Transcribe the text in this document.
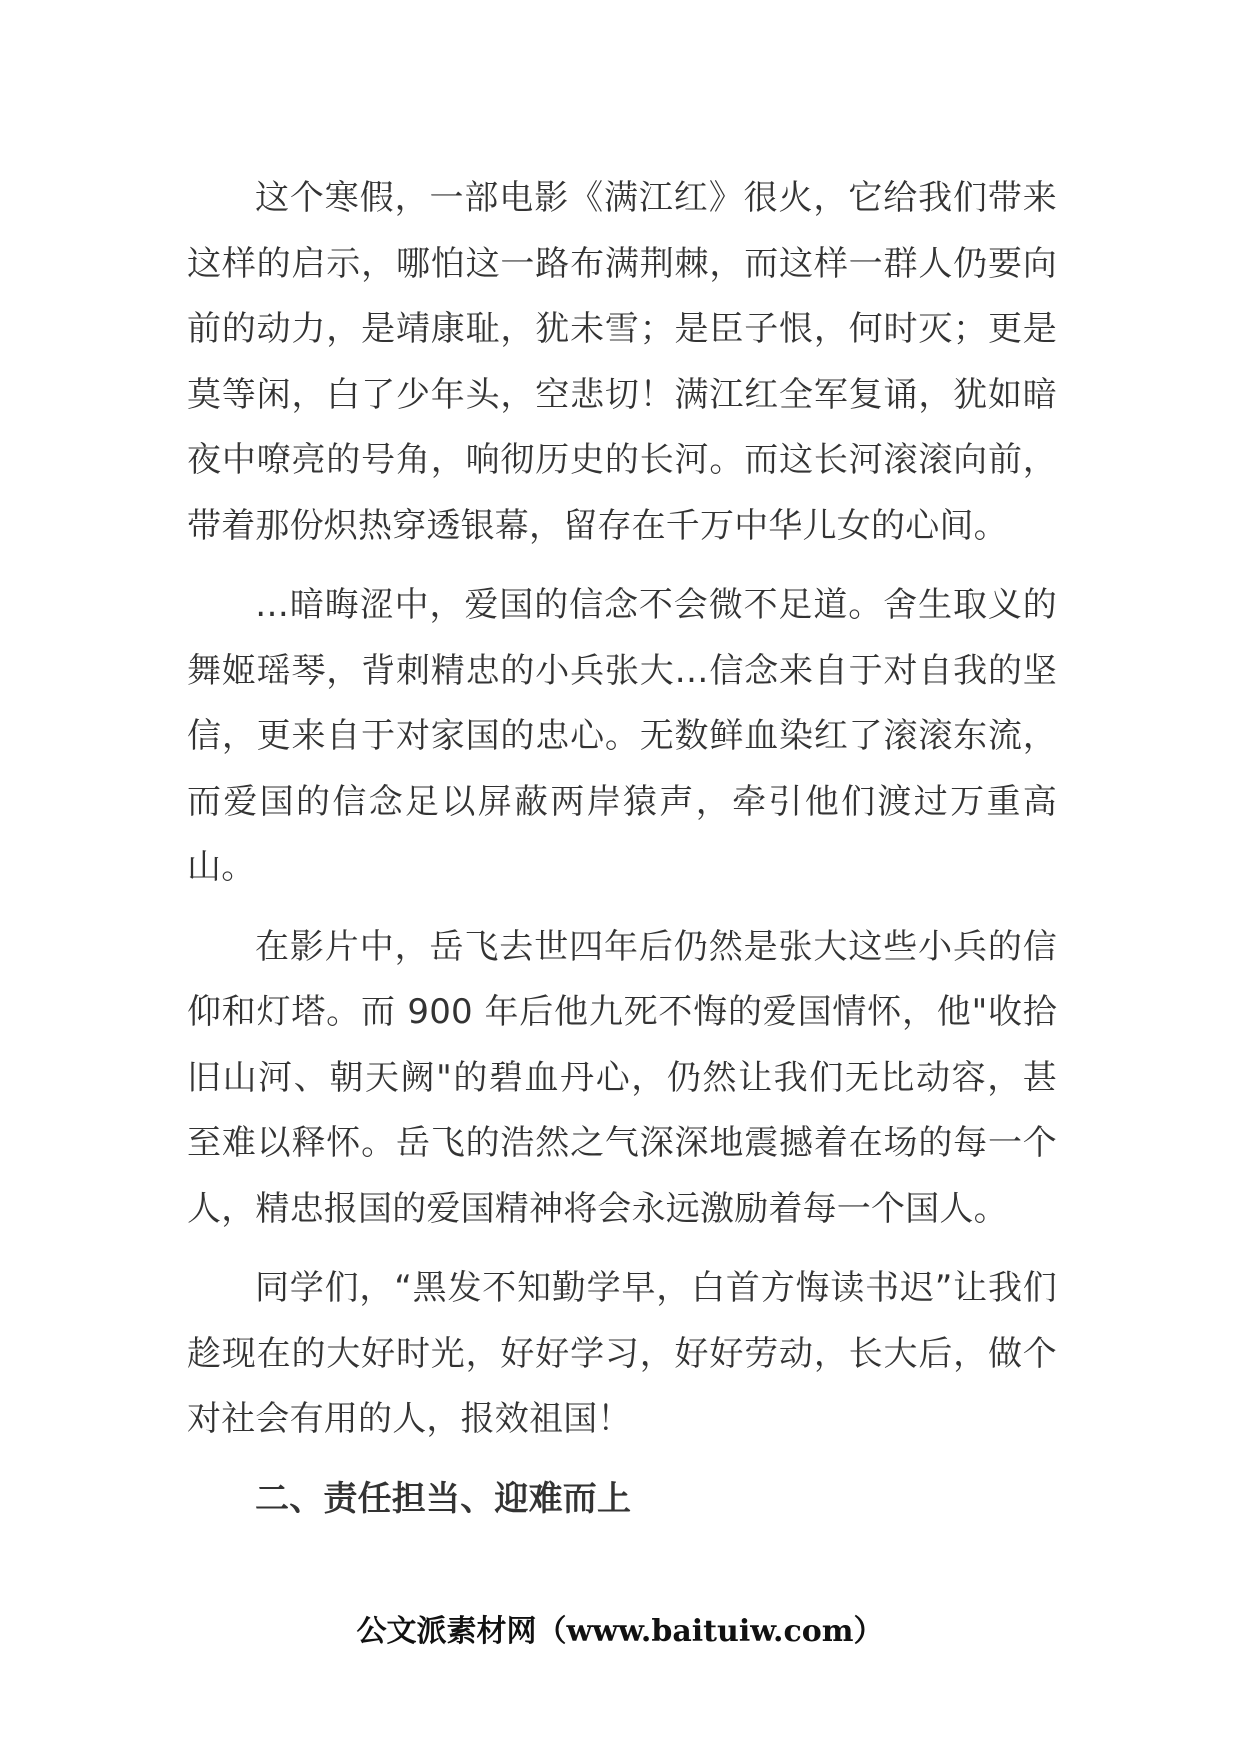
这个寒假，一部电影《满江红》很火，它给我们带来这样的启示，哪怕这一路布满荆棘，而这样一群人仍要向前的动力，是靖康耻，犹未雪；是臣子恨，何时灭；更是莫等闲，白了少年头，空悲切！满江红全军复诵，犹如暗夜中嘹亮的号角，响彻历史的长河。而这长河滚滚向前，带着那份炽热穿透银幕，留存在千万中华儿女的心间。

…暗晦涩中，爱国的信念不会微不足道。舍生取义的舞姬瑶琴，背刺精忠的小兵张大…信念来自于对自我的坚信，更来自于对家国的忠心。无数鲜血染红了滚滚东流，而爱国的信念足以屏蔽两岸猿声，牵引他们渡过万重高山。

在影片中，岳飞去世四年后仍然是张大这些小兵的信仰和灯塔。而 900 年后他九死不悔的爱国情怀，他"收拾旧山河、朝天阙"的碧血丹心，仍然让我们无比动容，甚至难以释怀。岳飞的浩然之气深深地震撼着在场的每一个人，精忠报国的爱国精神将会永远激励着每一个国人。

同学们，“黑发不知勤学早，白首方悔读书迟”让我们趁现在的大好时光，好好学习，好好劳动，长大后，做个对社会有用的人，报效祖国！

二、责任担当、迎难而上

公文派素材网（www.baituiw.com）
